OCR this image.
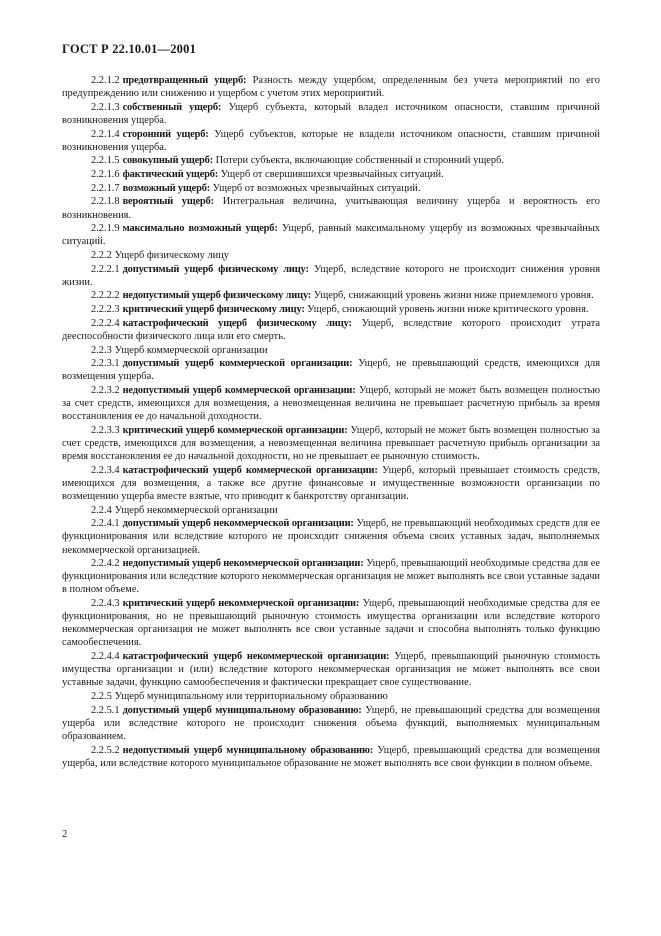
ГОСТ Р 22.10.01—2001

2.2.1.2 предотвращенный ущерб: Разность между ущербом, определенным без учета мероприятий по его предупреждению или снижению и ущербом с учетом этих мероприятий.

2.2.1.3 собственный ущерб: Ущерб субъекта, который владел источником опасности, ставшим причиной возникновения ущерба.

2.2.1.4 сторонний ущерб: Ущерб субъектов, которые не владели источником опасности, ставшим причиной возникновения ущерба.

2.2.1.5 совокупный ущерб: Потери субъекта, включающие собственный и сторонний ущерб.

2.2.1.6 фактический ущерб: Ущерб от свершившихся чрезвычайных ситуаций.

2.2.1.7 возможный ущерб: Ущерб от возможных чрезвычайных ситуаций.

2.2.1.8 вероятный ущерб: Интегральная величина, учитывающая величину ущерба и вероятность его возникновения.

2.2.1.9 максимально возможный ущерб: Ущерб, равный максимальному ущербу из возможных чрезвычайных ситуаций.

2.2.2 Ущерб физическому лицу

2.2.2.1 допустимый ущерб физическому лицу: Ущерб, вследствие которого не происходит снижения уровня жизни.

2.2.2.2 недопустимый ущерб физическому лицу: Ущерб, снижающий уровень жизни ниже приемлемого уровня.

2.2.2.3 критический ущерб физическому лицу: Ущерб, снижающий уровень жизни ниже критического уровня.

2.2.2.4 катастрофический ущерб физическому лицу: Ущерб, вследствие которого происходит утрата дееспособности физического лица или его смерть.

2.2.3 Ущерб коммерческой организации

2.2.3.1 допустимый ущерб коммерческой организации: Ущерб, не превышающий средств, имеющихся для возмещения ущерба.

2.2.3.2 недопустимый ущерб коммерческой организации: Ущерб, который не может быть возмещен полностью за счет средств, имеющихся для возмещения, а невозмещенная величина не превышает расчетную прибыль за время восстановления ее до начальной доходности.

2.2.3.3 критический ущерб коммерческой организации: Ущерб, который не может быть возмещен полностью за счет средств, имеющихся для возмещения, а невозмещенная величина превышает расчетную прибыль организации за время восстановления ее до начальной доходности, но не превышает ее рыночную стоимость.

2.2.3.4 катастрофический ущерб коммерческой организации: Ущерб, который превышает стоимость средств, имеющихся для возмещения, а также все другие финансовые и имущественные возможности организации по возмещению ущерба вместе взятые, что приводит к банкротству организации.

2.2.4 Ущерб некоммерческой организации

2.2.4.1 допустимый ущерб некоммерческой организации: Ущерб, не превышающий необходимых средств для ее функционирования или вследствие которого не происходит снижения объема своих уставных задач, выполняемых некоммерческой организацией.

2.2.4.2 недопустимый ущерб некоммерческой организации: Ущерб, превышающий необходимые средства для ее функционирования или вследствие которого некоммерческая организация не может выполнять все свои уставные задачи в полном объеме.

2.2.4.3 критический ущерб некоммерческой организации: Ущерб, превышающий необходимые средства для ее функционирования, но не превышающий рыночную стоимость имущества организации или вследствие которого некоммерческая организация не может выполнять все свои уставные задачи и способна выполнять только функцию самообеспечения.

2.2.4.4 катастрофический ущерб некоммерческой организации: Ущерб, превышающий рыночную стоимость имущества организации и (или) вследствие которого некоммерческая организация не может выполнять все свои уставные задачи, функцию самообеспечения и фактически прекращает свое существование.

2.2.5 Ущерб муниципальному или территориальному образованию

2.2.5.1 допустимый ущерб муниципальному образованию: Ущерб, не превышающий средства для возмещения ущерба или вследствие которого не происходит снижения объема функций, выполняемых муниципальным образованием.

2.2.5.2 недопустимый ущерб муниципальному образованию: Ущерб, превышающий средства для возмещения ущерба, или вследствие которого муниципальное образование не может выполнять все свои функции в полном объеме.

2
